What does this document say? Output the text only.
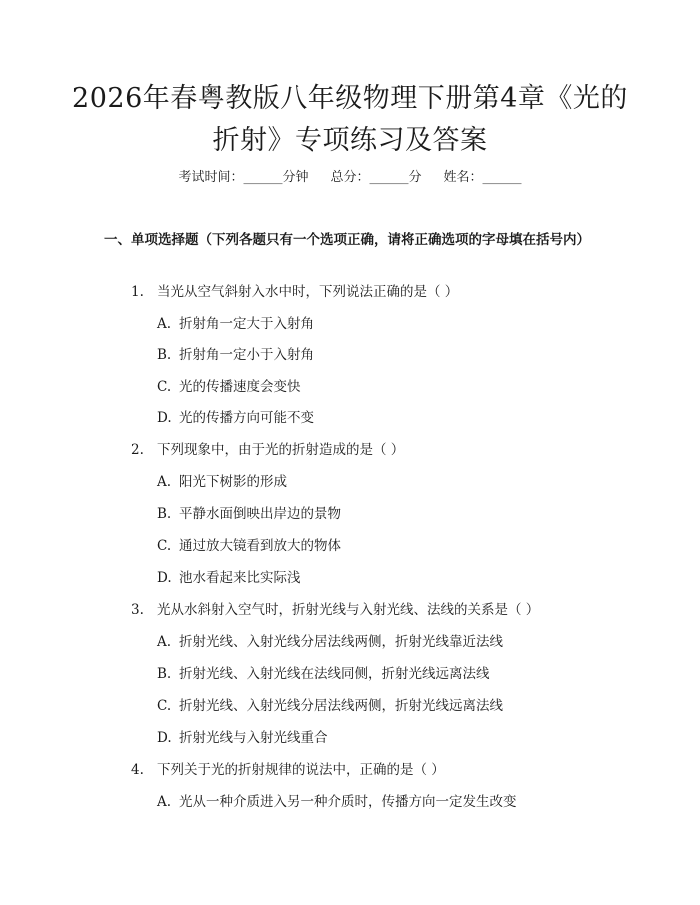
2026年春粤教版八年级物理下册第4章《光的折射》专项练习及答案
考试时间：______分钟 总分：______分 姓名：______
一、单项选择题（下列各题只有一个选项正确，请将正确选项的字母填在括号内）
1. 当光从空气斜射入水中时，下列说法正确的是（ ）
A. 折射角一定大于入射角
B. 折射角一定小于入射角
C. 光的传播速度会变快
D. 光的传播方向可能不变
2. 下列现象中，由于光的折射造成的是（ ）
A. 阳光下树影的形成
B. 平静水面倒映出岸边的景物
C. 通过放大镜看到放大的物体
D. 池水看起来比实际浅
3. 光从水斜射入空气时，折射光线与入射光线、法线的关系是（ ）
A. 折射光线、入射光线分居法线两侧，折射光线靠近法线
B. 折射光线、入射光线在法线同侧，折射光线远离法线
C. 折射光线、入射光线分居法线两侧，折射光线远离法线
D. 折射光线与入射光线重合
4. 下列关于光的折射规律的说法中，正确的是（ ）
A. 光从一种介质进入另一种介质时，传播方向一定发生改变
